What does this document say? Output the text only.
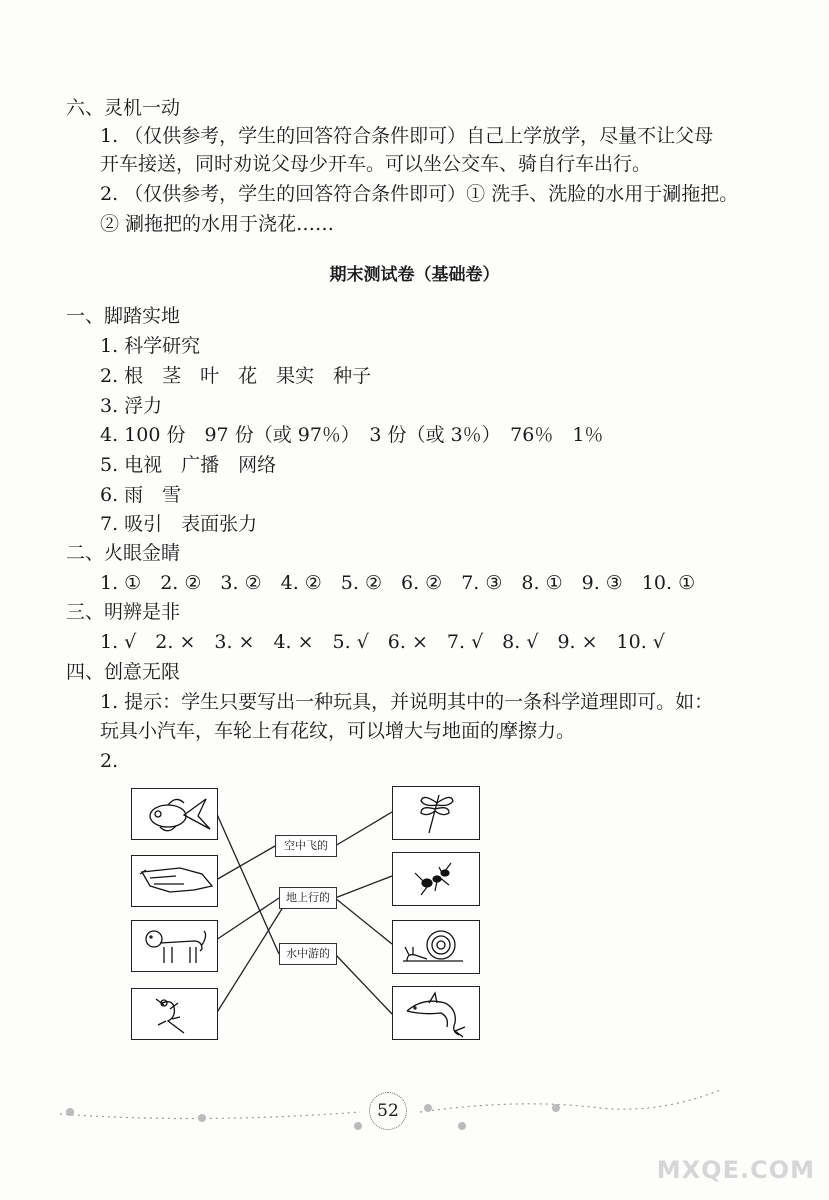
六、灵机一动
1. （仅供参考，学生的回答符合条件即可）自己上学放学，尽量不让父母
开车接送，同时劝说父母少开车。可以坐公交车、骑自行车出行。
2. （仅供参考，学生的回答符合条件即可）① 洗手、洗脸的水用于涮拖把。
② 涮拖把的水用于浇花……
期末测试卷（基础卷）
一、脚踏实地
1. 科学研究
2. 根　茎　叶　花　果实　种子
3. 浮力
4. 100 份　97 份（或 97％）　3 份（或 3％）　76％　1％
5. 电视　广播　网络
6. 雨　雪
7. 吸引　表面张力
二、火眼金睛
1. ①　2. ②　3. ②　4. ②　5. ②　6. ②　7. ③　8. ①　9. ③　10. ①
三、明辨是非
1. √　2. ×　3. ×　4. ×　5. √　6. ×　7. √　8. √　9. ×　10. √
四、创意无限
1. 提示：学生只要写出一种玩具，并说明其中的一条科学道理即可。如：
玩具小汽车，车轮上有花纹，可以增大与地面的摩擦力。
2.
空中飞的
地上行的
水中游的
52
MXQE.COM
